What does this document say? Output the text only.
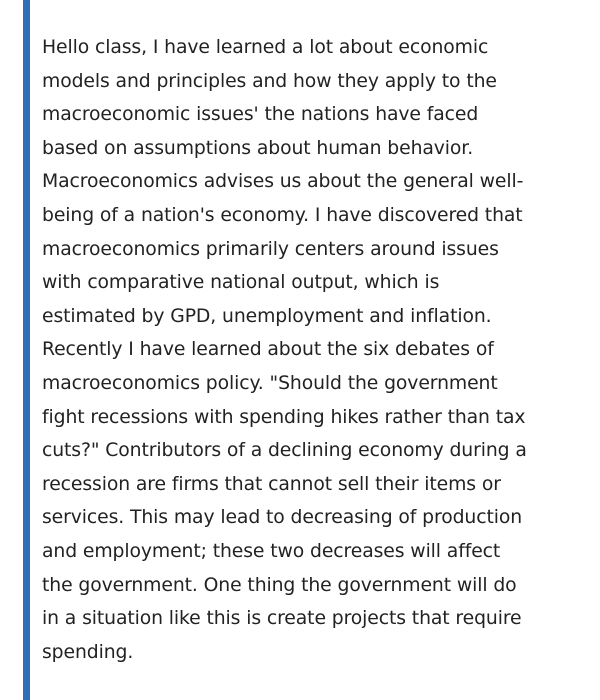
Hello class, I have learned a lot about economic
models and principles and how they apply to the
macroeconomic issues' the nations have faced
based on assumptions about human behavior.
Macroeconomics advises us about the general well-
being of a nation's economy. I have discovered that
macroeconomics primarily centers around issues
with comparative national output, which is
estimated by GPD, unemployment and inflation.
Recently I have learned about the six debates of
macroeconomics policy. "Should the government
fight recessions with spending hikes rather than tax
cuts?" Contributors of a declining economy during a
recession are firms that cannot sell their items or
services. This may lead to decreasing of production
and employment; these two decreases will affect
the government. One thing the government will do
in a situation like this is create projects that require
spending.
